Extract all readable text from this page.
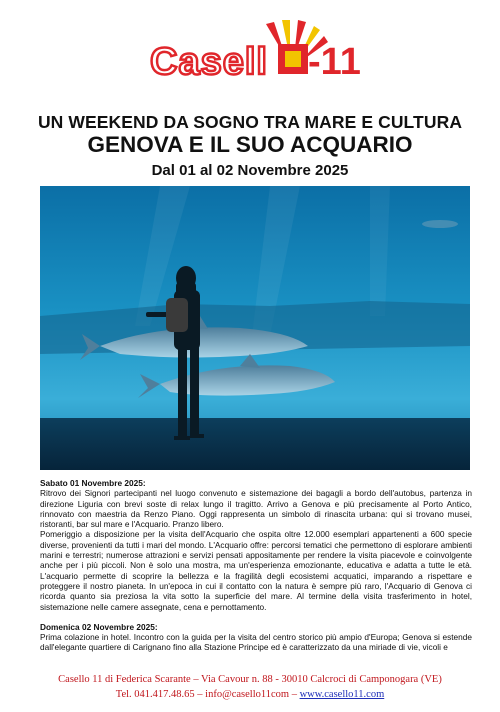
Casell -11
UN WEEKEND DA SOGNO TRA MARE E CULTURA
GENOVA E IL SUO ACQUARIO
Dal 01 al 02 Novembre 2025

Sabato 01 Novembre 2025:

Ritrovo dei Signori partecipanti nel luogo convenuto e sistemazione dei bagagli a bordo dell'autobus, partenza in direzione Liguria con brevi soste di relax lungo il tragitto. Arrivo a Genova e più precisamente al Porto Antico, rinnovato con maestria da Renzo Piano. Oggi rappresenta un simbolo di rinascita urbana: qui si trovano musei, ristoranti, bar sul mare e l'Acquario. Pranzo libero.

Pomeriggio a disposizione per la visita dell'Acquario che ospita oltre 12.000 esemplari appartenenti a 600 specie diverse, provenienti da tutti i mari del mondo. L'Acquario offre: percorsi tematici che permettono di esplorare ambienti marini e terrestri; numerose attrazioni e servizi pensati appositamente per rendere la visita piacevole e coinvolgente anche per i più piccoli. Non è solo una mostra, ma un'esperienza emozionante, educativa e adatta a tutte le età. L'acquario permette di scoprire la bellezza e la fragilità degli ecosistemi acquatici, imparando a rispettare e proteggere il nostro pianeta. In un'epoca in cui il contatto con la natura è sempre più raro, l'Acquario di Genova ci ricorda quanto sia preziosa la vita sotto la superficie del mare. Al termine della visita trasferimento in hotel, sistemazione nelle camere assegnate, cena e pernottamento.

Domenica 02 Novembre 2025:

Prima colazione in hotel. Incontro con la guida per la visita del centro storico più ampio d'Europa; Genova si estende dall'elegante quartiere di Carignano fino alla Stazione Principe ed è caratterizzato da una miriade di vie, vicoli e

Casello 11 di Federica Scarante – Via Cavour n. 88 - 30010 Calcroci di Camponogara (VE)
Tel. 041.417.48.65 – info@casello11com – www.casello11.com
